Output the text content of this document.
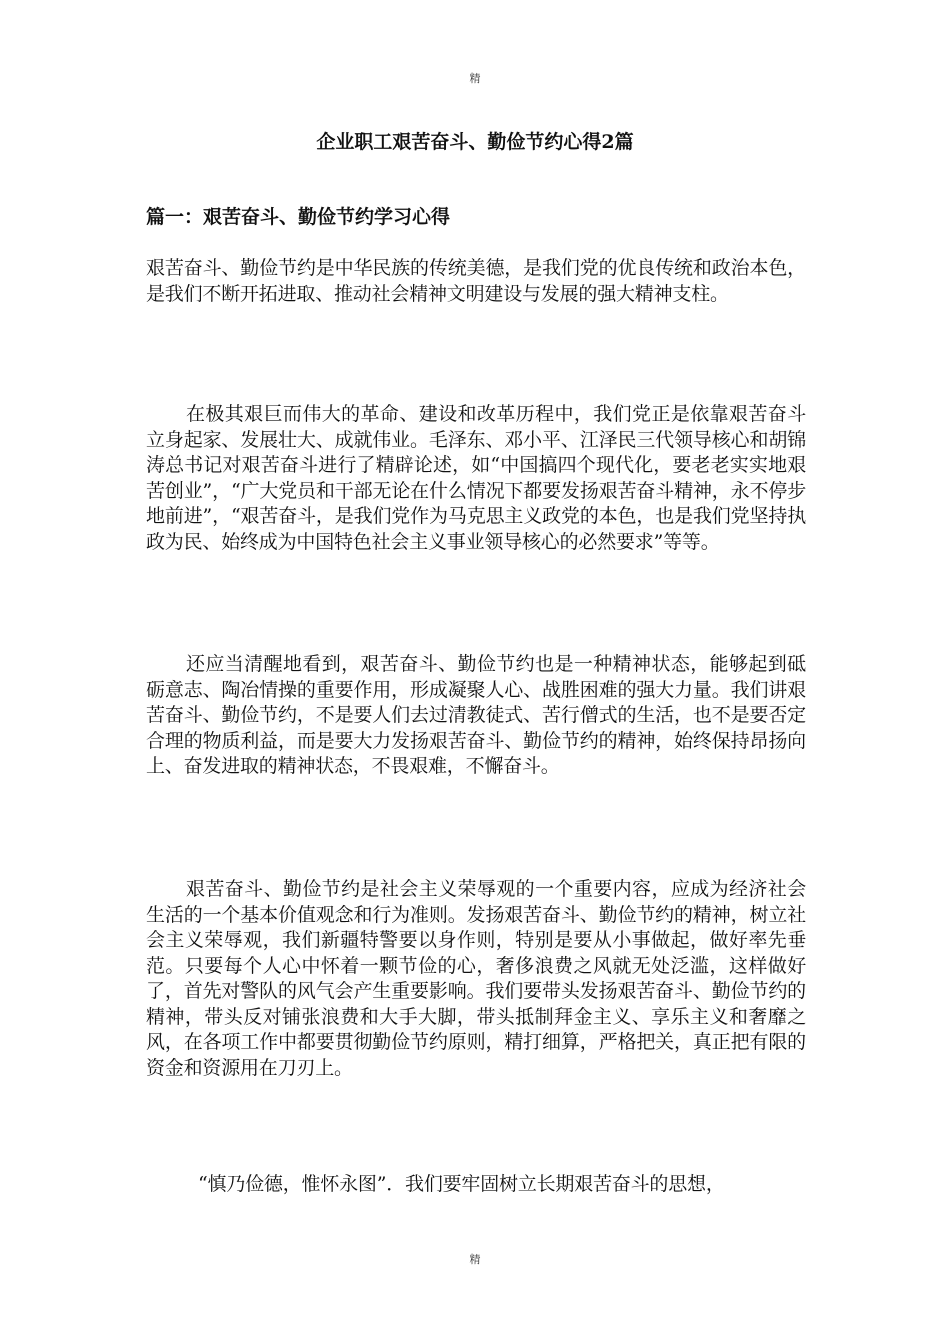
精
企业职工艰苦奋斗、勤俭节约心得2篇
篇一：艰苦奋斗、勤俭节约学习心得

艰苦奋斗、勤俭节约是中华民族的传统美德，是我们党的优良传统和政治本色，是我们不断开拓进取、推动社会精神文明建设与发展的强大精神支柱。

在极其艰巨而伟大的革命、建设和改革历程中，我们党正是依靠艰苦奋斗立身起家、发展壮大、成就伟业。毛泽东、邓小平、江泽民三代领导核心和胡锦涛总书记对艰苦奋斗进行了精辟论述，如“中国搞四个现代化，要老老实实地艰苦创业”，“广大党员和干部无论在什么情况下都要发扬艰苦奋斗精神，永不停步地前进”，“艰苦奋斗，是我们党作为马克思主义政党的本色，也是我们党坚持执政为民、始终成为中国特色社会主义事业领导核心的必然要求”等等。

还应当清醒地看到，艰苦奋斗、勤俭节约也是一种精神状态，能够起到砥砺意志、陶冶情操的重要作用，形成凝聚人心、战胜困难的强大力量。我们讲艰苦奋斗、勤俭节约，不是要人们去过清教徒式、苦行僧式的生活，也不是要否定合理的物质利益，而是要大力发扬艰苦奋斗、勤俭节约的精神，始终保持昂扬向上、奋发进取的精神状态，不畏艰难，不懈奋斗。

艰苦奋斗、勤俭节约是社会主义荣辱观的一个重要内容，应成为经济社会生活的一个基本价值观念和行为准则。发扬艰苦奋斗、勤俭节约的精神，树立社会主义荣辱观，我们新疆特警要以身作则，特别是要从小事做起，做好率先垂范。只要每个人心中怀着一颗节俭的心，奢侈浪费之风就无处泛滥，这样做好了，首先对警队的风气会产生重要影响。我们要带头发扬艰苦奋斗、勤俭节约的精神，带头反对铺张浪费和大手大脚，带头抵制拜金主义、享乐主义和奢靡之风，在各项工作中都要贯彻勤俭节约原则，精打细算，严格把关，真正把有限的资金和资源用在刀刃上。

“慎乃俭德，惟怀永图”．我们要牢固树立长期艰苦奋斗的思想，

精
